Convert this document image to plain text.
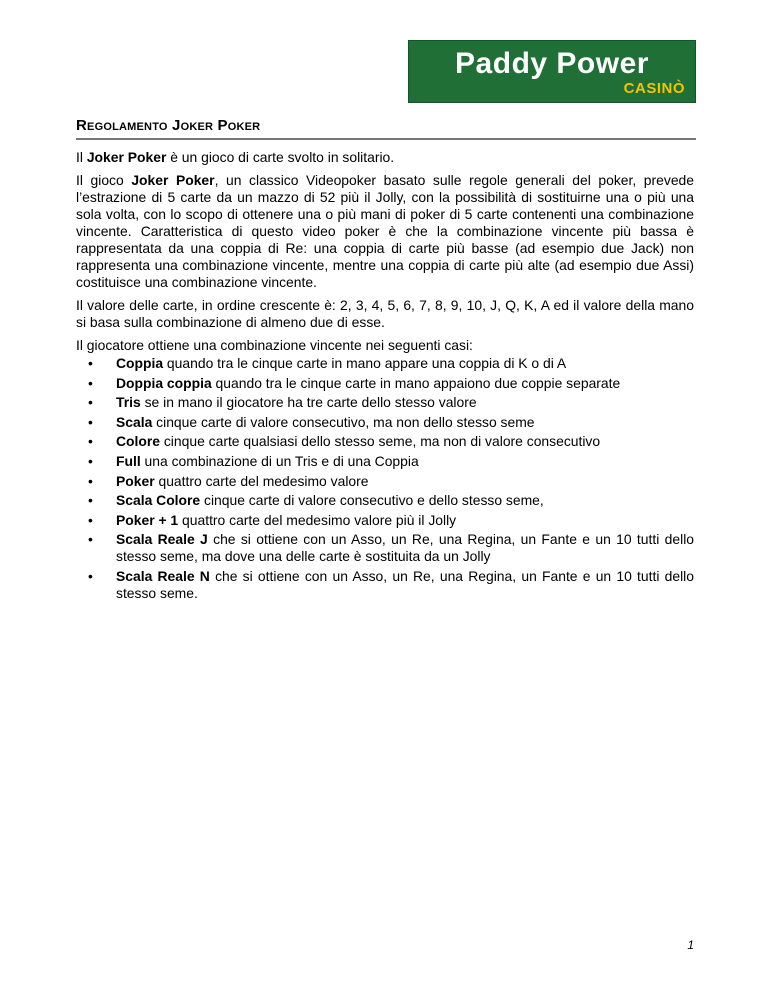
Paddy Power
CASINÒ
Regolamento Joker Poker

Il Joker Poker è un gioco di carte svolto in solitario.

Il gioco Joker Poker, un classico Videopoker basato sulle regole generali del poker, prevede l’estrazione di 5 carte da un mazzo di 52 più il Jolly, con la possibilità di sostituirne una o più una sola volta, con lo scopo di ottenere una o più mani di poker di 5 carte contenenti una combinazione vincente. Caratteristica di questo video poker è che la combinazione vincente più bassa è rappresentata da una coppia di Re: una coppia di carte più basse (ad esempio due Jack) non rappresenta una combinazione vincente, mentre una coppia di carte più alte (ad esempio due Assi) costituisce una combinazione vincente.

Il valore delle carte, in ordine crescente è: 2, 3, 4, 5, 6, 7, 8, 9, 10, J, Q, K, A ed il valore della mano si basa sulla combinazione di almeno due di esse.

Il giocatore ottiene una combinazione vincente nei seguenti casi:

• Coppia quando tra le cinque carte in mano appare una coppia di K o di A
• Doppia coppia quando tra le cinque carte in mano appaiono due coppie separate
• Tris se in mano il giocatore ha tre carte dello stesso valore
• Scala cinque carte di valore consecutivo, ma non dello stesso seme
• Colore cinque carte qualsiasi dello stesso seme, ma non di valore consecutivo
• Full una combinazione di un Tris e di una Coppia
• Poker quattro carte del medesimo valore
• Scala Colore cinque carte di valore consecutivo e dello stesso seme,
• Poker + 1 quattro carte del medesimo valore più il Jolly
• Scala Reale J che si ottiene con un Asso, un Re, una Regina, un Fante e un 10 tutti dello stesso seme, ma dove una delle carte è sostituita da un Jolly
• Scala Reale N che si ottiene con un Asso, un Re, una Regina, un Fante e un 10 tutti dello stesso seme.
1
